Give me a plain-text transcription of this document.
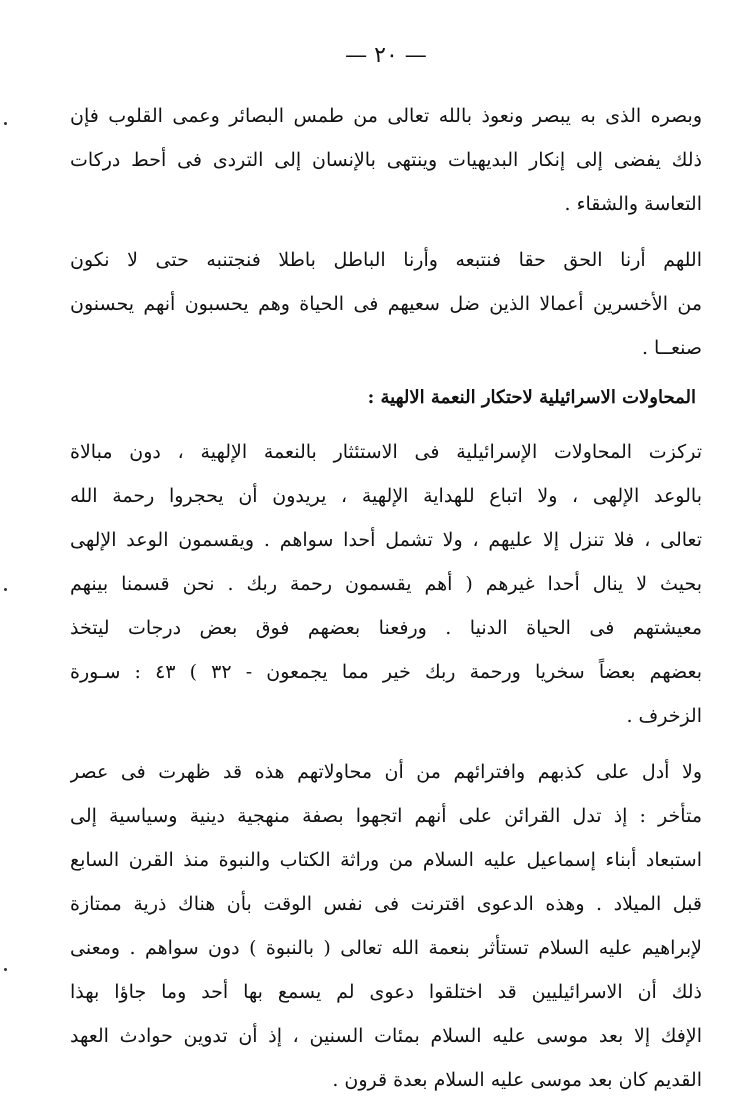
— ٢٠ —
وبصره الذى به يبصر ونعوذ بالله تعالى من طمس البصائر وعمى القلوب فإن
ذلك يفضى إلى إنكار البديهيات وينتهى بالإنسان إلى التردى فى أحط دركات
التعاسة والشقاء .
اللهم أرنا الحق حقا فنتبعه وأرنا الباطل باطلا فنجتنبه حتى لا نكون
من الأخسرين أعمالا الذين ضل سعيهم فى الحياة وهم يحسبون أنهم يحسنون
صنعــا .
المحاولات الاسرائيلية لاحتكار النعمة الالهية :
تركزت المحاولات الإسرائيلية فى الاستئثار بالنعمة الإلهية ، دون مبالاة
بالوعد الإلهى ، ولا اتباع للهداية الإلهية ، يريدون أن يحجروا رحمة الله
تعالى ، فلا تنزل إلا عليهم ، ولا تشمل أحدا سواهم . ويقسمون الوعد الإلهى
بحيث لا ينال أحدا غيرهم ( أهم يقسمون رحمة ربك . نحن قسمنا بينهم
معيشتهم فى الحياة الدنيا . ورفعنا بعضهم فوق بعض درجات ليتخذ
بعضهم بعضاً سخريا ورحمة ربك خير مما يجمعون - ٣٢ ) ٤٣ : سـورة
الزخرف .
ولا أدل على كذبهم وافترائهم من أن محاولاتهم هذه قد ظهرت فى عصر
متأخر : إذ تدل القرائن على أنهم اتجهوا بصفة منهجية دينية وسياسية إلى
استبعاد أبناء إسماعيل عليه السلام من وراثة الكتاب والنبوة منذ القرن السابع
قبل الميلاد . وهذه الدعوى اقترنت فى نفس الوقت بأن هناك ذرية ممتازة
لإبراهيم عليه السلام تستأثر بنعمة الله تعالى ( بالنبوة ) دون سواهم . ومعنى
ذلك أن الاسرائيليين قد اختلقوا دعوى لم يسمع بها أحد وما جاؤا بهذا
الإفك إلا بعد موسى عليه السلام بمئات السنين ، إذ أن تدوين حوادث العهد
القديم كان بعد موسى عليه السلام بعدة قرون .
